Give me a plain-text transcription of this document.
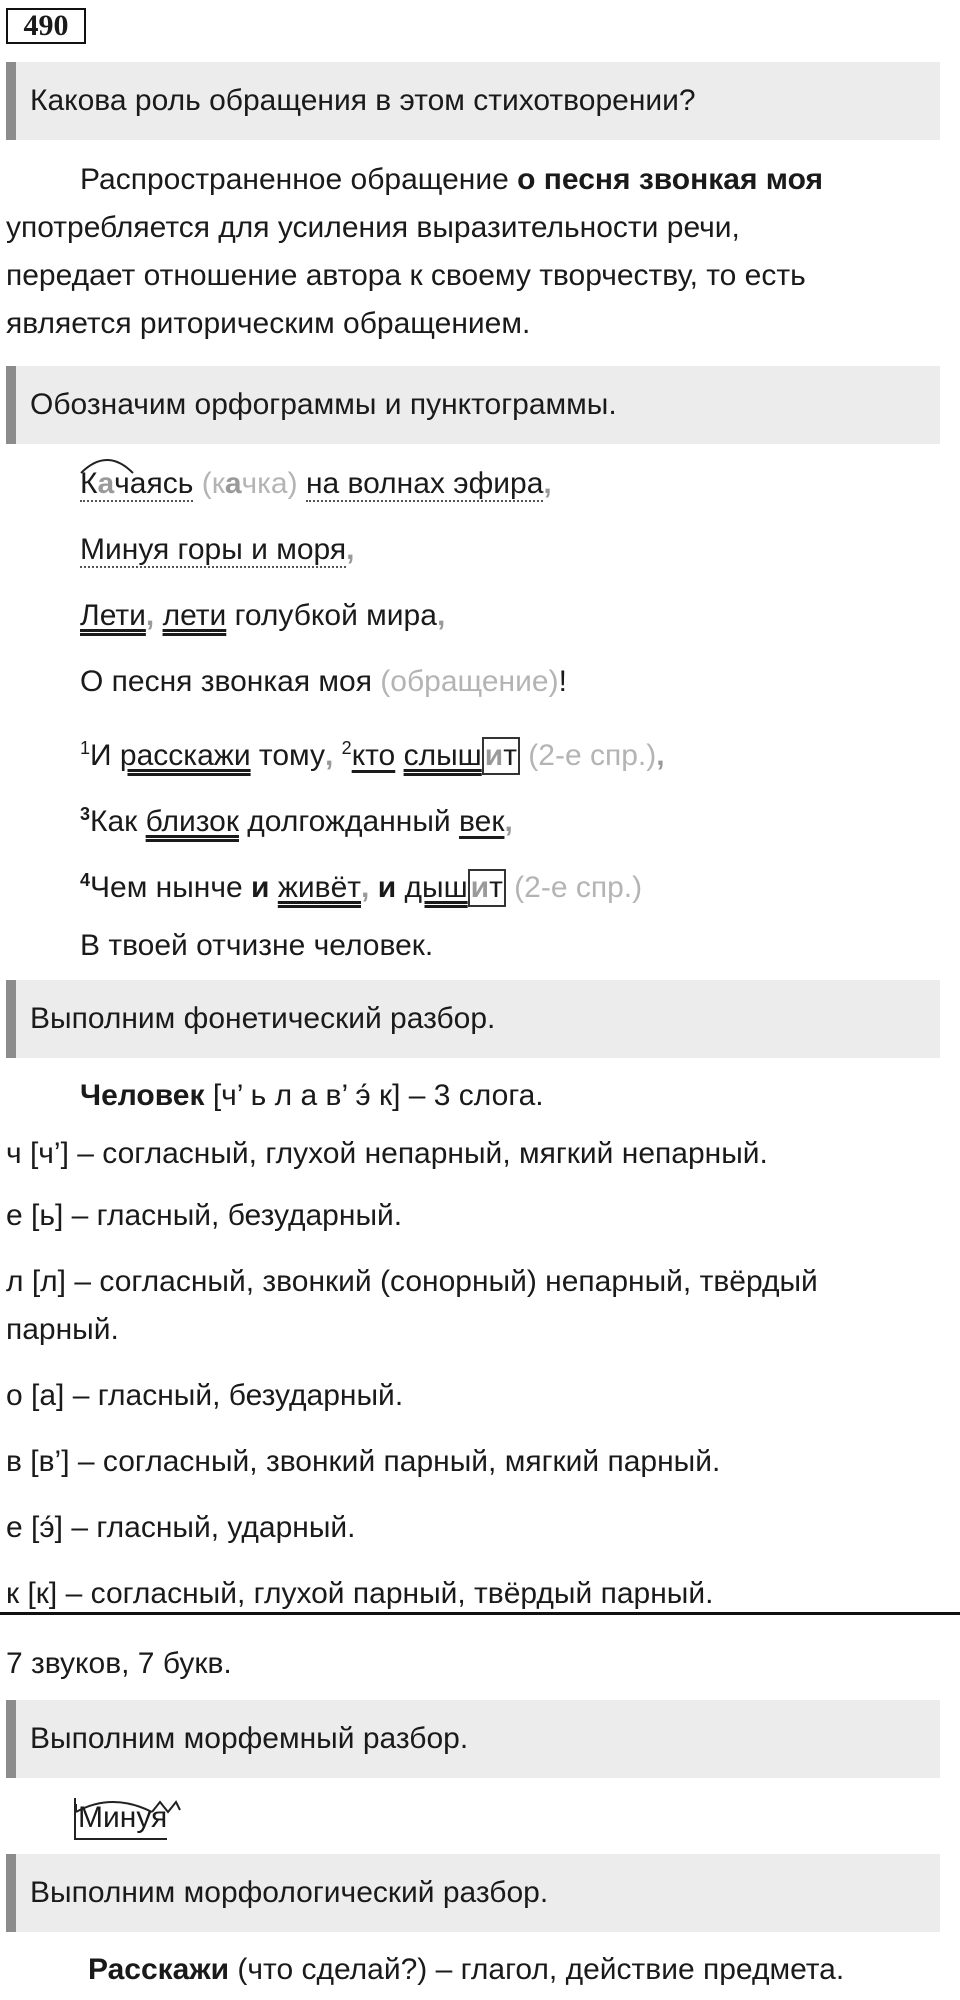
490
Какова роль обращения в этом стихотворении?
Распространенное обращение о песня звонкая моя
употребляется для усиления выразительности речи,
передает отношение автора к своему творчеству, то есть
является риторическим обращением.
Обозначим орфограммы и пунктограммы.
Качаясь (качка) на волнах эфира,
Минуя горы и моря,
Лети, лети голубкой мира,
О песня звонкая моя (обращение)!
$^1$И расскажи тому, $^2$кто слыш ит (2-е спр.),
$^3$Как близок долгожданный век,
$^4$Чем нынче и живёт, и дыш ит (2-е спр.)
В твоей отчизне человек.
Выполним фонетический разбор.
Человек [ч’ ь л а в’ э́ к] – 3 слога.
ч [ч’] – согласный, глухой непарный, мягкий непарный.
е [ь] – гласный, безударный.
л [л] – согласный, звонкий (сонорный) непарный, твёрдый
парный.
о [а] – гласный, безударный.
в [в’] – согласный, звонкий парный, мягкий парный.
е [э́] – гласный, ударный.
к [к] – согласный, глухой парный, твёрдый парный.
7 звуков, 7 букв.
Выполним морфемный разбор.
Минуя
Выполним морфологический разбор.
Расскажи (что сделай?) – глагол, действие предмета.
